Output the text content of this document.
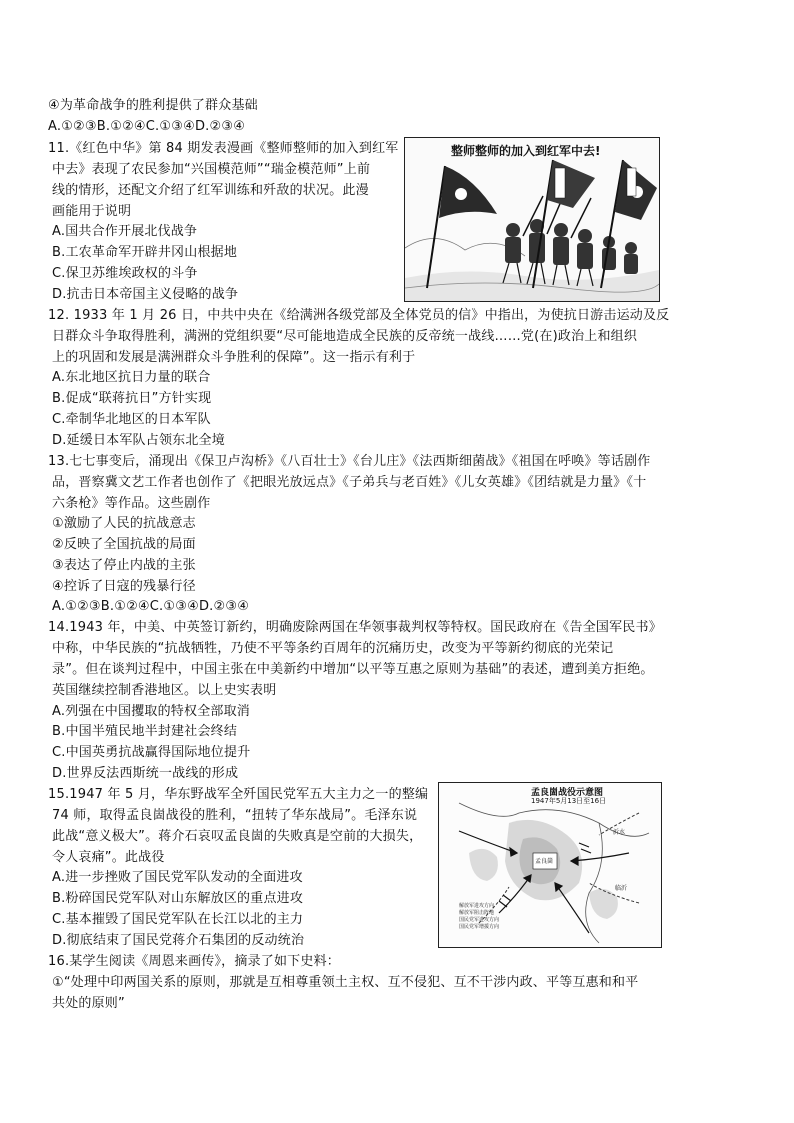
④为革命战争的胜利提供了群众基础
A.①②③B.①②④C.①③④D.②③④
11.《红色中华》第 84 期发表漫画《整师整师的加入到红军
中去》表现了农民参加“兴国模范师”“瑞金模范师”上前
线的情形，还配文介绍了红军训练和歼敌的状况。此漫
画能用于说明
A.国共合作开展北伐战争
B.工农革命军开辟井冈山根据地
C.保卫苏维埃政权的斗争
D.抗击日本帝国主义侵略的战争
整师整师的加入到红军中去!
12. 1933 年 1 月 26 日，中共中央在《给满洲各级党部及全体党员的信》中指出，为使抗日游击运动及反
日群众斗争取得胜利，满洲的党组织要“尽可能地造成全民族的反帝统一战线……党(在)政治上和组织
上的巩固和发展是满洲群众斗争胜利的保障”。这一指示有利于
A.东北地区抗日力量的联合
B.促成“联蒋抗日”方针实现
C.牵制华北地区的日本军队
D.延缓日本军队占领东北全境
13.七七事变后，涌现出《保卫卢沟桥》《八百壮士》《台儿庄》《法西斯细菌战》《祖国在呼唤》等话剧作
品，晋察冀文艺工作者也创作了《把眼光放远点》《子弟兵与老百姓》《儿女英雄》《团结就是力量》《十
六条枪》等作品。这些剧作
①激励了人民的抗战意志
②反映了全国抗战的局面
③表达了停止内战的主张
④控诉了日寇的残暴行径
A.①②③B.①②④C.①③④D.②③④
14.1943 年，中美、中英签订新约，明确废除两国在华领事裁判权等特权。国民政府在《告全国军民书》
中称，中华民族的“抗战牺牲，乃使不平等条约百周年的沉痛历史，改变为平等新约彻底的光荣记
录”。但在谈判过程中，中国主张在中美新约中增加“以平等互惠之原则为基础”的表述，遭到美方拒绝。
英国继续控制香港地区。以上史实表明
A.列强在中国攫取的特权全部取消
B.中国半殖民地半封建社会终结
C.中国英勇抗战赢得国际地位提升
D.世界反法西斯统一战线的形成
15.1947 年 5 月，华东野战军全歼国民党军五大主力之一的整编
74 师，取得孟良崮战役的胜利，“扭转了华东战局”。毛泽东说
此战“意义极大”。蒋介石哀叹孟良崮的失败真是空前的大损失，
令人哀痛”。此战役
A.进一步挫败了国民党军队发动的全面进攻
B.粉碎国民党军队对山东解放区的重点进攻
C.基本摧毁了国民党军队在长江以北的主力
D.彻底结束了国民党蒋介石集团的反动统治
孟良崮战役示意图
1947年5月13日至16日
孟良崮
沂水
临沂
解放军进攻方向
解放军阻击阵地
国民党军进攻方向
国民党军增援方向
16.某学生阅读《周恩来画传》，摘录了如下史料：
①“处理中印两国关系的原则，那就是互相尊重领土主权、互不侵犯、互不干涉内政、平等互惠和和平
共处的原则”
